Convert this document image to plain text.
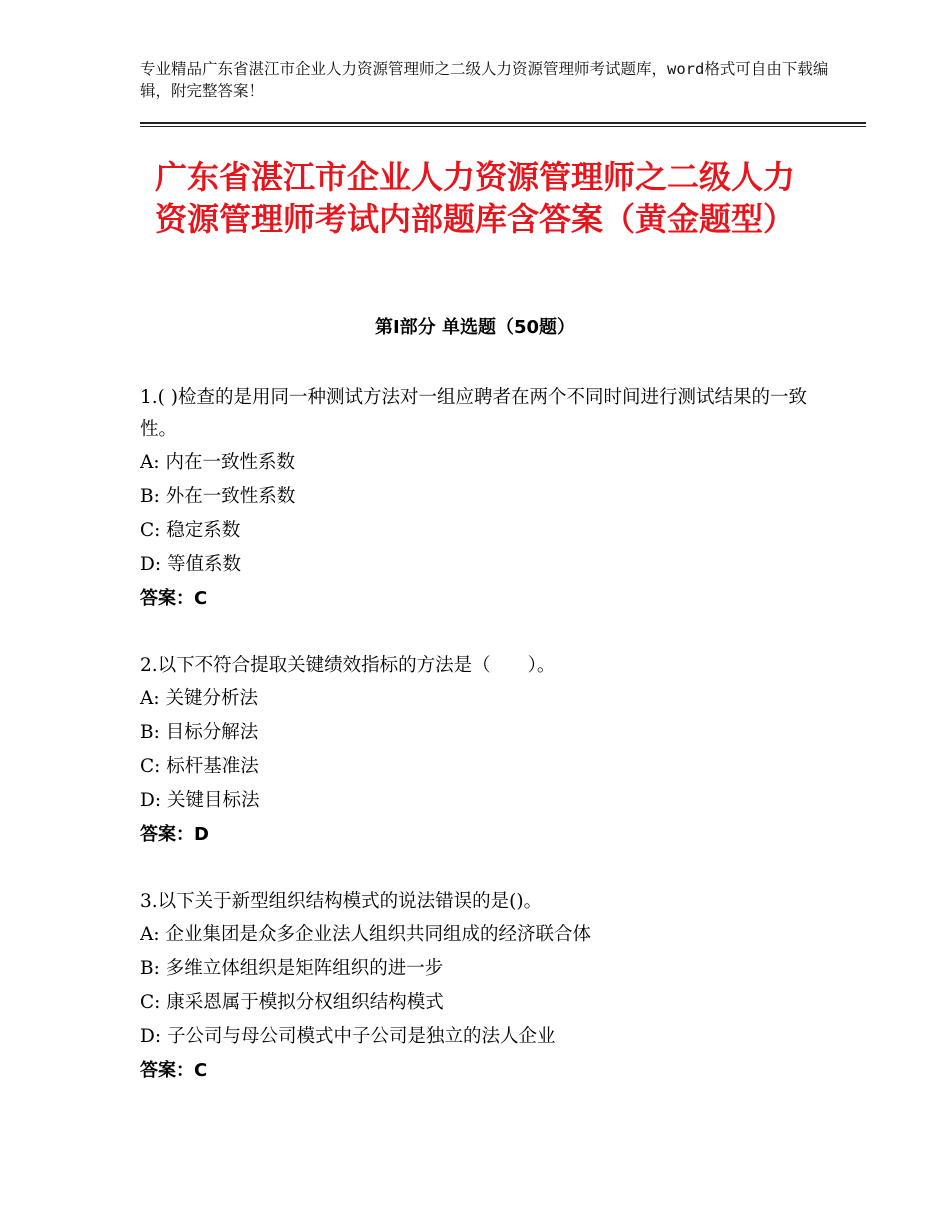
专业精品广东省湛江市企业人力资源管理师之二级人力资源管理师考试题库，word格式可自由下载编辑，附完整答案！
广东省湛江市企业人力资源管理师之二级人力资源管理师考试内部题库含答案（黄金题型）
第Ⅰ部分 单选题（50题）

1.( )检查的是用同一种测试方法对一组应聘者在两个不同时间进行测试结果的一致性。

A: 内在一致性系数

B: 外在一致性系数

C: 稳定系数

D: 等值系数

答案：C

2.以下不符合提取关键绩效指标的方法是（　　）。

A: 关键分析法

B: 目标分解法

C: 标杆基准法

D: 关键目标法

答案：D

3.以下关于新型组织结构模式的说法错误的是()。

A: 企业集团是众多企业法人组织共同组成的经济联合体

B: 多维立体组织是矩阵组织的进一步

C: 康采恩属于模拟分权组织结构模式

D: 子公司与母公司模式中子公司是独立的法人企业

答案：C
